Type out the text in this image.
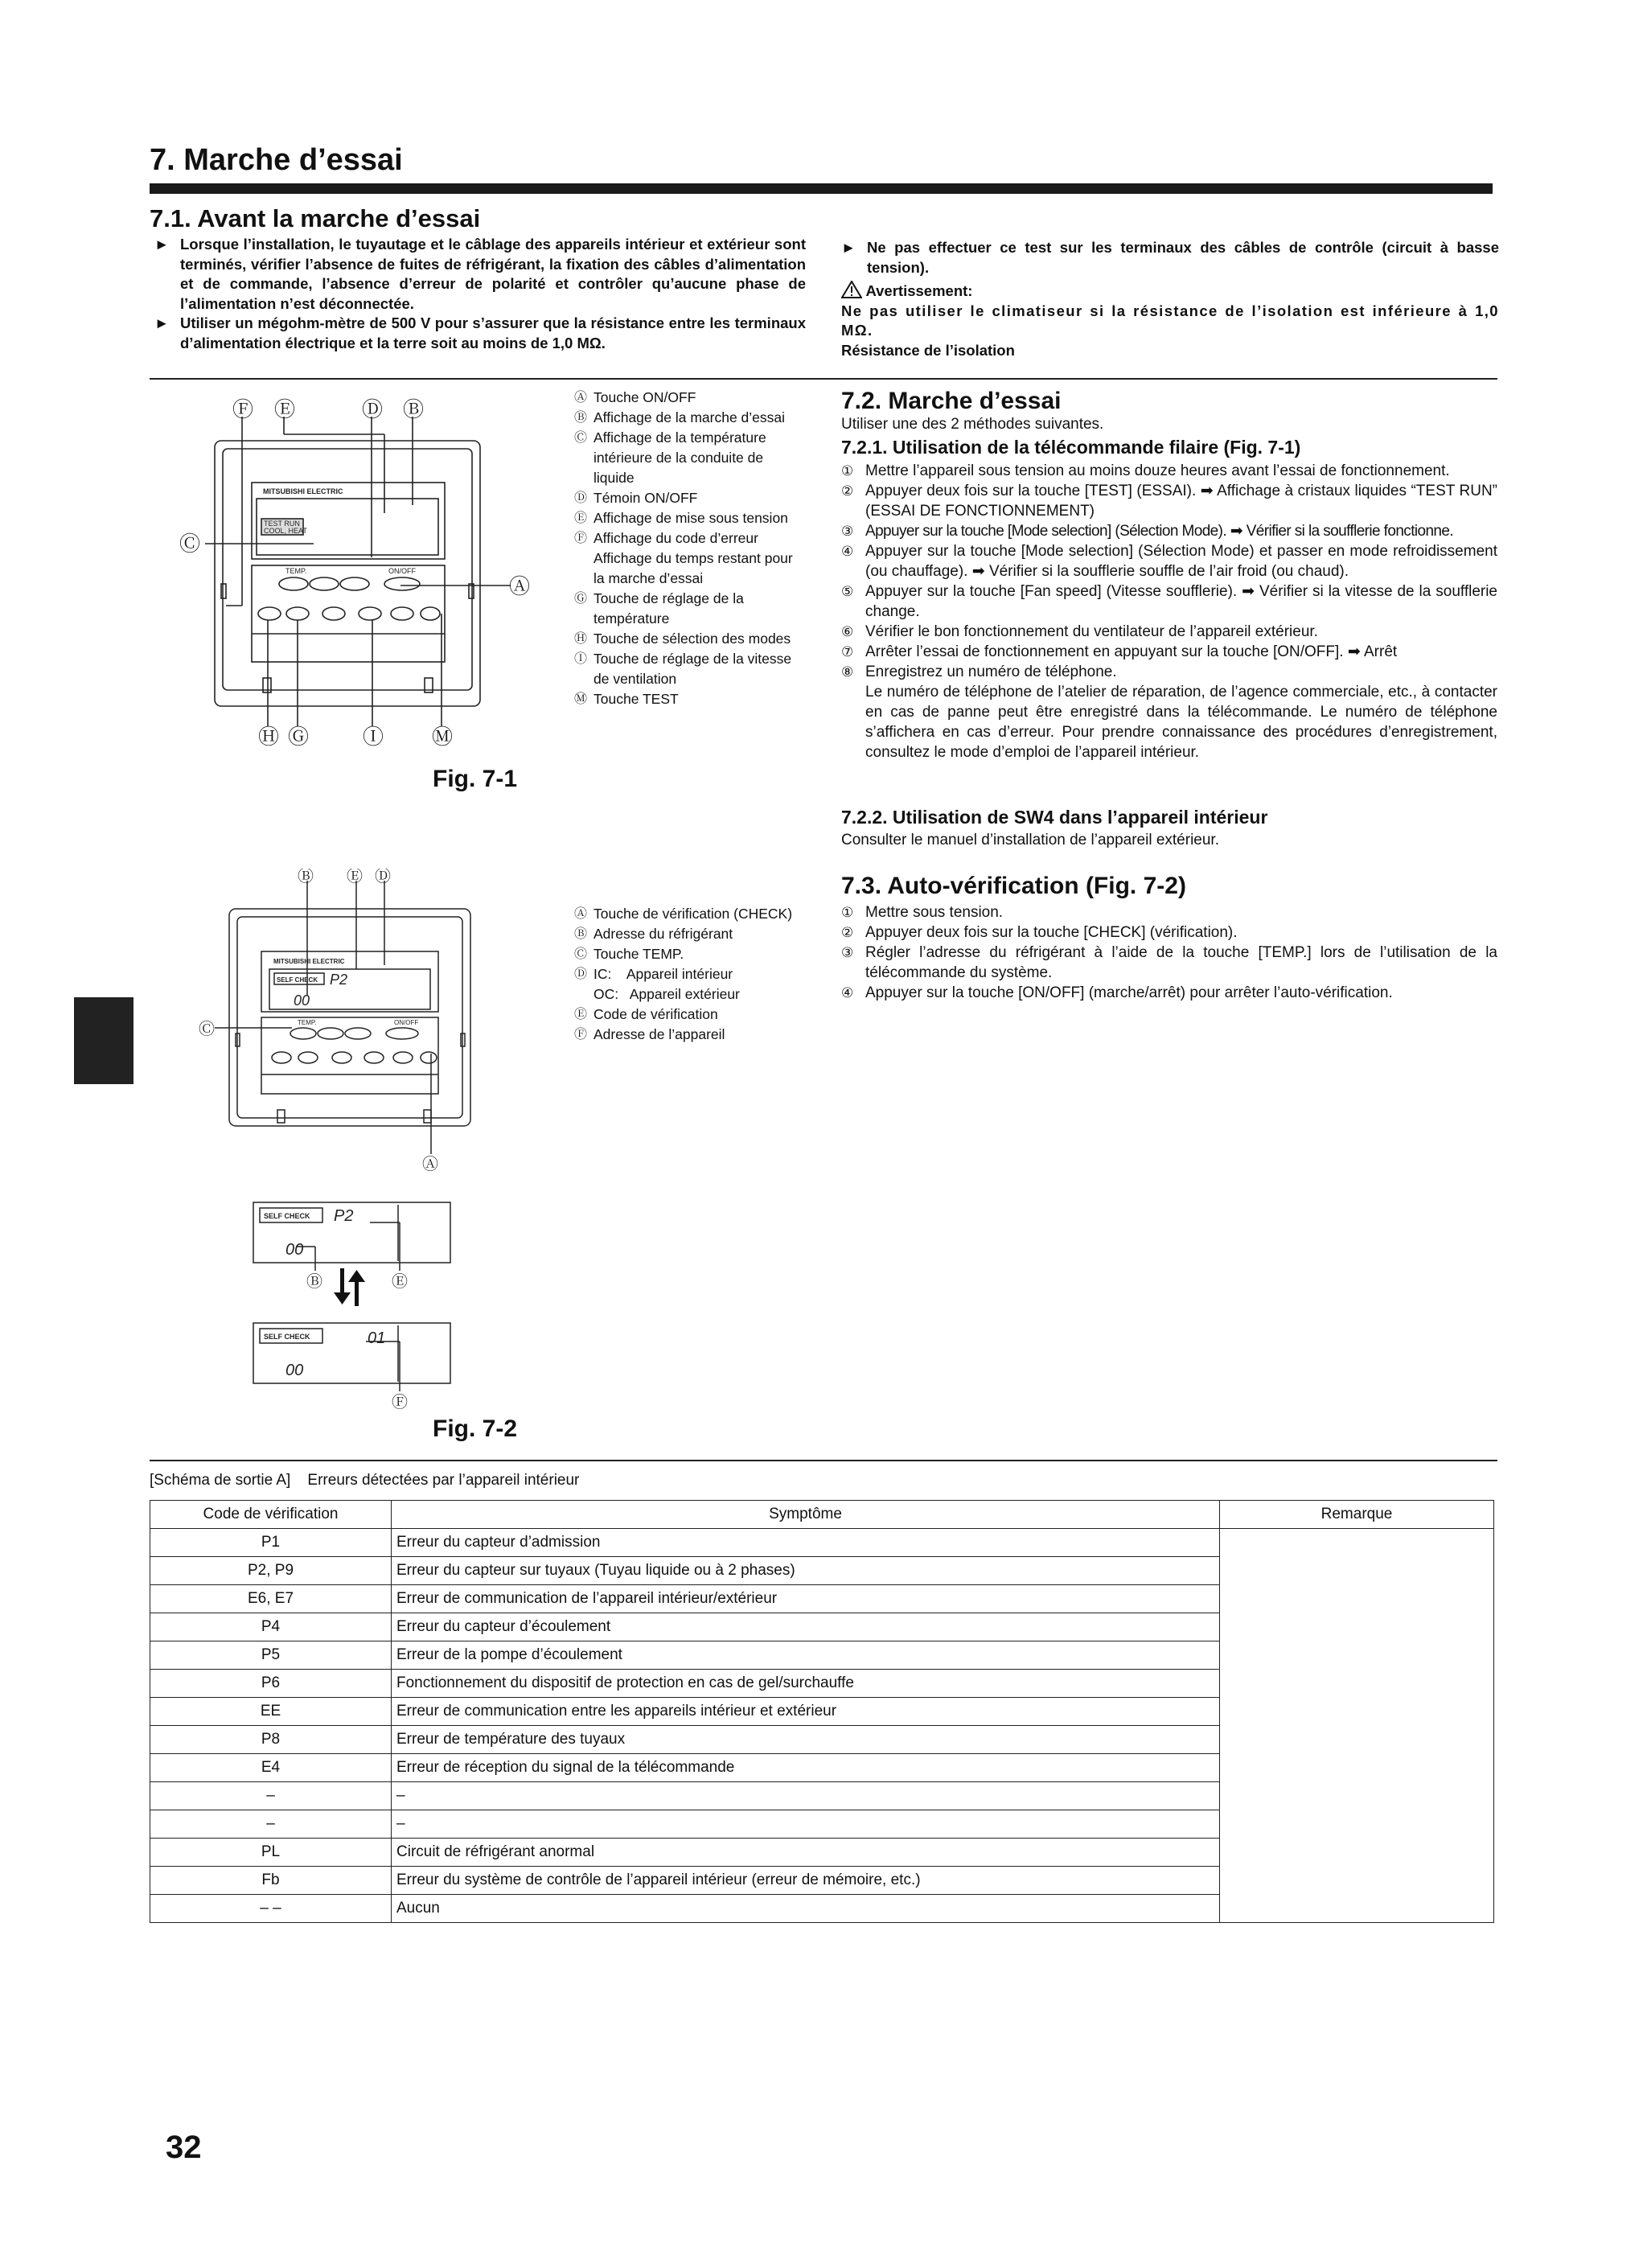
7. Marche d’essai
7.1. Avant la marche d’essai
► Lorsque l’installation, le tuyautage et le câblage des appareils intérieur et extérieur sont terminés, vérifier l’absence de fuites de réfrigérant, la fixation des câbles d’alimentation et de commande, l’absence d’erreur de polarité et contrôler qu’aucune phase de l’alimentation n’est déconnectée.
► Utiliser un mégohm-mètre de 500 V pour s’assurer que la résistance entre les terminaux d’alimentation électrique et la terre soit au moins de 1,0 MΩ.
► Ne pas effectuer ce test sur les terminaux des câbles de contrôle (circuit à basse tension).
Avertissement:
Ne pas utiliser le climatiseur si la résistance de l’isolation est inférieure à 1,0 MΩ.
Résistance de l’isolation
Ⓕ Ⓔ	Ⓓ Ⓑ
Ⓒ
Ⓐ
Ⓗ Ⓖ	Ⓘ Ⓜ
MITSUBISHI ELECTRIC
TEST RUN
COOL, HEAT
TEMP.	ON/OFF
Ⓐ Touche ON/OFF
Ⓑ Affichage de la marche d’essai
Ⓒ Affichage de la température intérieure de la conduite de liquide
Ⓓ Témoin ON/OFF
Ⓔ Affichage de mise sous tension
Ⓕ Affichage du code d’erreur Affichage du temps restant pour la marche d’essai
Ⓖ Touche de réglage de la température
Ⓗ Touche de sélection des modes
Ⓘ Touche de réglage de la vitesse de ventilation
Ⓜ Touche TEST
Fig. 7-1
7.2. Marche d’essai
Utiliser une des 2 méthodes suivantes.
7.2.1. Utilisation de la télécommande filaire (Fig. 7-1)
① Mettre l’appareil sous tension au moins douze heures avant l’essai de fonctionnement.
② Appuyer deux fois sur la touche [TEST] (ESSAI). ➡ Affichage à cristaux liquides “TEST RUN” (ESSAI DE FONCTIONNEMENT)
③ Appuyer sur la touche [Mode selection] (Sélection Mode). ➡ Vérifier si la soufflerie fonctionne.
④ Appuyer sur la touche [Mode selection] (Sélection Mode) et passer en mode refroidissement (ou chauffage). ➡ Vérifier si la soufflerie souffle de l’air froid (ou chaud).
⑤ Appuyer sur la touche [Fan speed] (Vitesse soufflerie). ➡ Vérifier si la vitesse de la soufflerie change.
⑥ Vérifier le bon fonctionnement du ventilateur de l’appareil extérieur.
⑦ Arrêter l’essai de fonctionnement en appuyant sur la touche [ON/OFF]. ➡ Arrêt
⑧ Enregistrez un numéro de téléphone.
Le numéro de téléphone de l’atelier de réparation, de l’agence commerciale, etc., à contacter en cas de panne peut être enregistré dans la télécommande. Le numéro de téléphone s’affichera en cas d’erreur. Pour prendre connaissance des procédures d’enregistrement, consultez le mode d’emploi de l’appareil intérieur.
7.2.2. Utilisation de SW4 dans l’appareil intérieur
Consulter le manuel d’installation de l’appareil extérieur.
7.3. Auto-vérification (Fig. 7-2)
① Mettre sous tension.
② Appuyer deux fois sur la touche [CHECK] (vérification).
③ Régler l’adresse du réfrigérant à l’aide de la touche [TEMP.] lors de l’utilisation de la télécommande du système.
④ Appuyer sur la touche [ON/OFF] (marche/arrêt) pour arrêter l’auto-vérification.
Ⓑ Ⓔ Ⓓ
Ⓒ
Ⓐ
Ⓑ	Ⓔ
Ⓕ
MITSUBISHI ELECTRIC
SELF CHECK P2
00
TEMP.	ON/OFF
SELF CHECK P2
00
SELF CHECK	01
00
Ⓐ Touche de vérification (CHECK)
Ⓑ Adresse du réfrigérant
Ⓒ Touche TEMP.
Ⓓ IC:    Appareil intérieur
OC:   Appareil extérieur
Ⓔ Code de vérification
Ⓕ Adresse de l’appareil
Fig. 7-2
[Schéma de sortie A]    Erreurs détectées par l’appareil intérieur
Code de vérification	Symptôme	Remarque
P1	Erreur du capteur d’admission	
P2, P9	Erreur du capteur sur tuyaux (Tuyau liquide ou à 2 phases)	
E6, E7	Erreur de communication de l’appareil intérieur/extérieur	
P4	Erreur du capteur d’écoulement	
P5	Erreur de la pompe d’écoulement	
P6	Fonctionnement du dispositif de protection en cas de gel/surchauffe	
EE	Erreur de communication entre les appareils intérieur et extérieur	
P8	Erreur de température des tuyaux	
E4	Erreur de réception du signal de la télécommande	
–	–	
–	–	
PL	Circuit de réfrigérant anormal	
Fb	Erreur du système de contrôle de l’appareil intérieur (erreur de mémoire, etc.)	
– –	Aucun	
32
